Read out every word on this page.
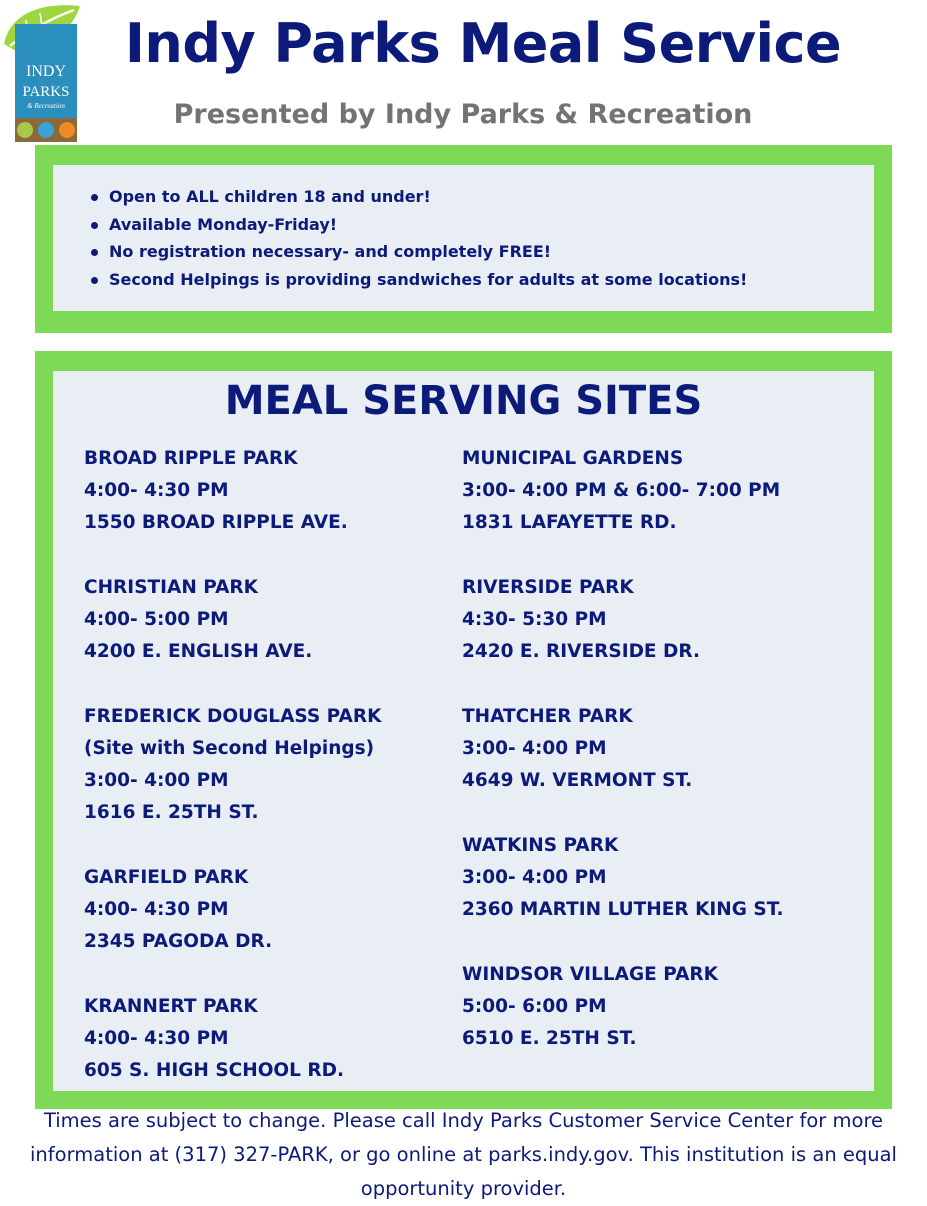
INDY
PARKS
& Recreation
Indy Parks Meal Service
Presented by Indy Parks & Recreation
Open to ALL children 18 and under!
Available Monday-Friday!
No registration necessary- and completely FREE!
Second Helpings is providing sandwiches for adults at some locations!
MEAL SERVING SITES
BROAD RIPPLE PARK
4:00- 4:30 PM
1550 BROAD RIPPLE AVE.
CHRISTIAN PARK
4:00- 5:00 PM
4200 E. ENGLISH AVE.
FREDERICK DOUGLASS PARK
(Site with Second Helpings)
3:00- 4:00 PM
1616 E. 25TH ST.
GARFIELD PARK
4:00- 4:30 PM
2345 PAGODA DR.
KRANNERT PARK
4:00- 4:30 PM
605 S. HIGH SCHOOL RD.
MUNICIPAL GARDENS
3:00- 4:00 PM & 6:00- 7:00 PM
1831 LAFAYETTE RD.
RIVERSIDE PARK
4:30- 5:30 PM
2420 E. RIVERSIDE DR.
THATCHER PARK
3:00- 4:00 PM
4649 W. VERMONT ST.
WATKINS PARK
3:00- 4:00 PM
2360 MARTIN LUTHER KING ST.
WINDSOR VILLAGE PARK
5:00- 6:00 PM
6510 E. 25TH ST.
Times are subject to change. Please call Indy Parks Customer Service Center for more information at (317) 327-PARK, or go online at parks.indy.gov. This institution is an equal opportunity provider.
